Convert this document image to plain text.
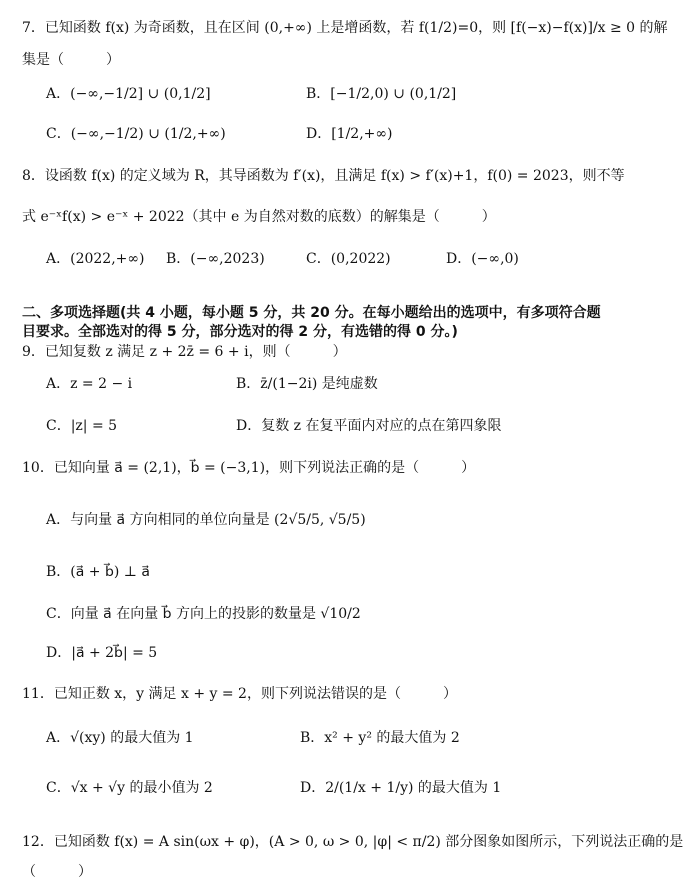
7．已知函数 f(x) 为奇函数，且在区间 (0,+∞) 上是增函数，若 f(1/2)=0，则 [f(−x)−f(x)]/x ≥ 0 的解
集是（　　　）
A．(−∞,−1/2] ∪ (0,1/2]	B．[−1/2,0) ∪ (0,1/2]
C．(−∞,−1/2) ∪ (1/2,+∞)	D．[1/2,+∞)
8．设函数 f(x) 的定义域为 R，其导函数为 f′(x)，且满足 f(x) > f′(x)+1，f(0) = 2023，则不等
式 e⁻ˣf(x) > e⁻ˣ + 2022（其中 e 为自然对数的底数）的解集是（　　　）
A．(2022,+∞) B．(−∞,2023)	C．(0,2022)	D．(−∞,0)
二、多项选择题(共 4 小题，每小题 5 分，共 20 分。在每小题给出的选项中，有多项符合题
目要求。全部选对的得 5 分，部分选对的得 2 分，有选错的得 0 分。)
9．已知复数 z 满足 z + 2z̄ = 6 + i，则（　　　）
A．z = 2 − i	B．z̄/(1−2i) 是纯虚数
C．|z| = 5	D．复数 z 在复平面内对应的点在第四象限
10．已知向量 a⃗ = (2,1)，b⃗ = (−3,1)，则下列说法正确的是（　　　）
A．与向量 a⃗ 方向相同的单位向量是 (2√5/5, √5/5)
B．(a⃗ + b⃗) ⊥ a⃗
C．向量 a⃗ 在向量 b⃗ 方向上的投影的数量是 √10/2
D．|a⃗ + 2b⃗| = 5
11．已知正数 x，y 满足 x + y = 2，则下列说法错误的是（　　　）
A．√(xy) 的最大值为 1	B．x² + y² 的最大值为 2
C．√x + √y 的最小值为 2	D．2/(1/x + 1/y) 的最大值为 1
12．已知函数 f(x) = A sin(ωx + φ)，(A > 0, ω > 0, |φ| < π/2) 部分图象如图所示，下列说法正确的是
（　　　）
